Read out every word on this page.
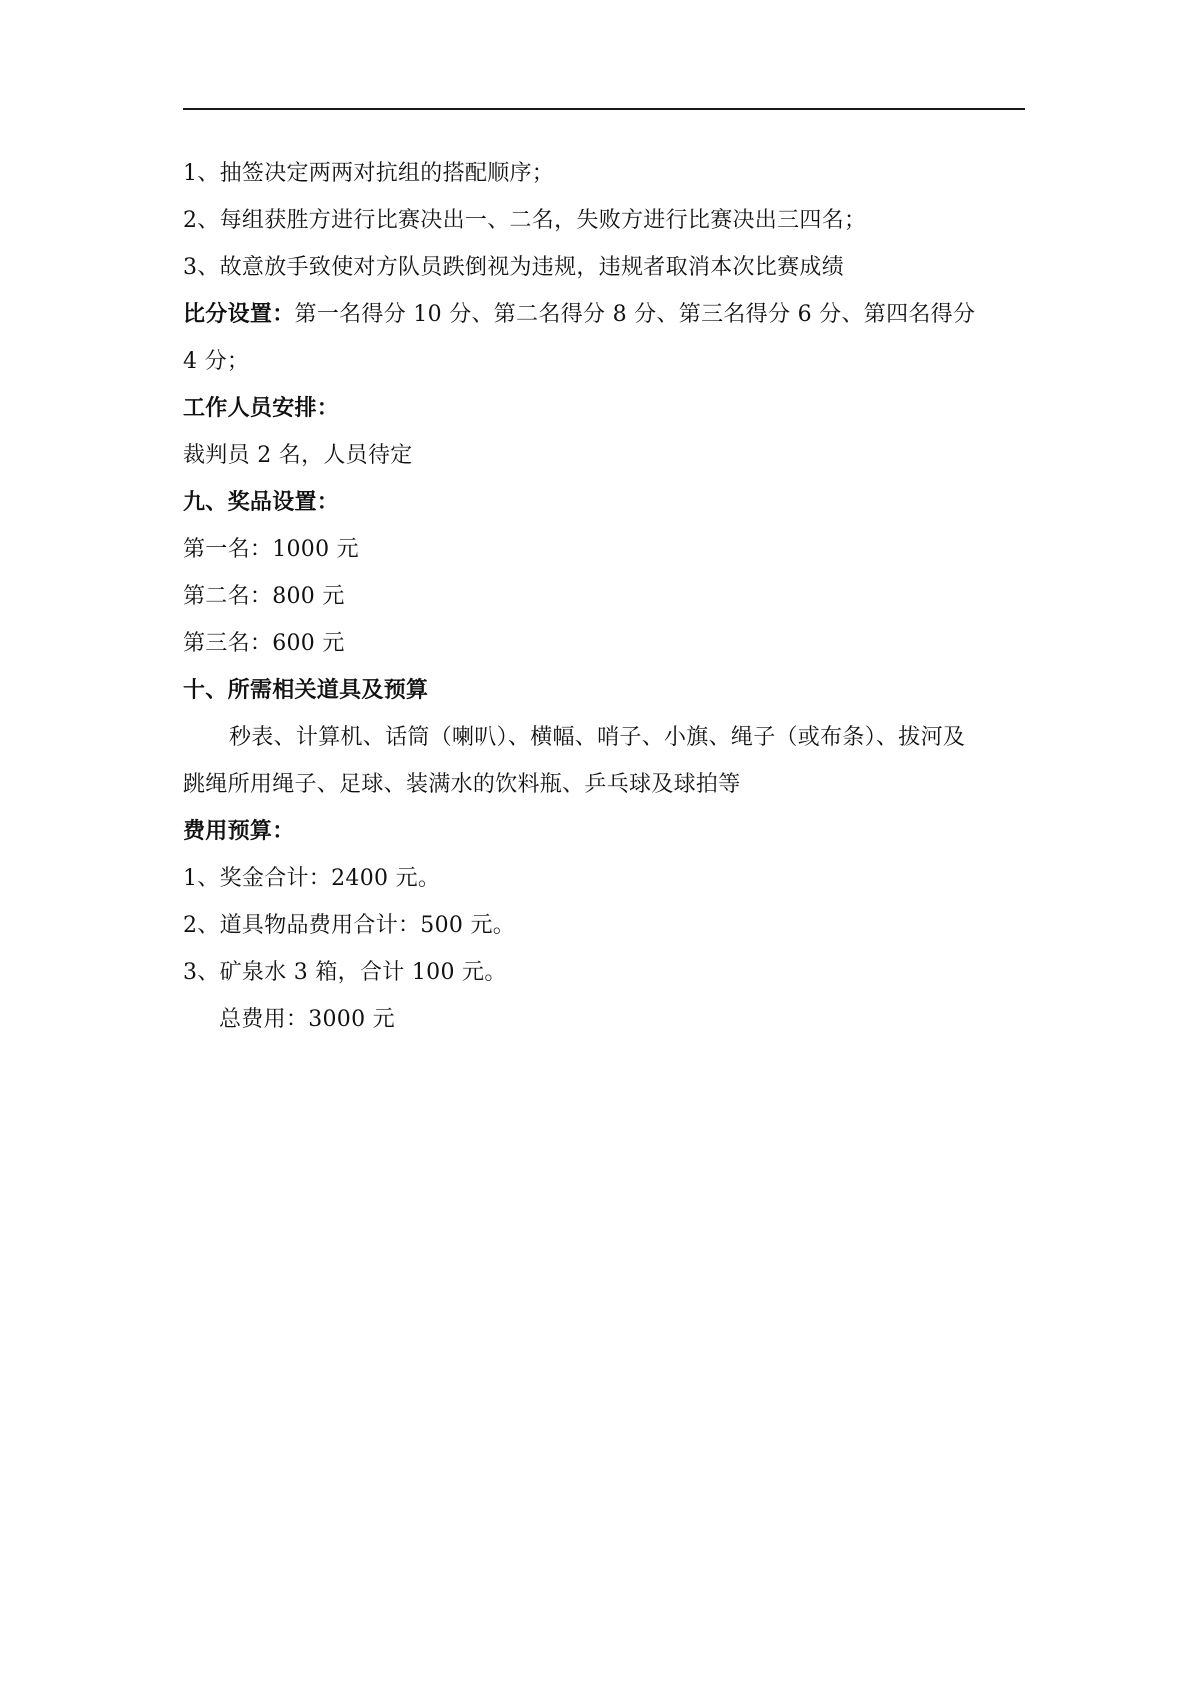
1、抽签决定两两对抗组的搭配顺序；
2、每组获胜方进行比赛决出一、二名，失败方进行比赛决出三四名；
3、故意放手致使对方队员跌倒视为违规，违规者取消本次比赛成绩
比分设置：第一名得分 10 分、第二名得分 8 分、第三名得分 6 分、第四名得分
4 分；
工作人员安排：
裁判员 2 名，人员待定
九、奖品设置：
第一名：1000 元
第二名：800 元
第三名：600 元
十、所需相关道具及预算
秒表、计算机、话筒（喇叭）、横幅、哨子、小旗、绳子（或布条）、拔河及
跳绳所用绳子、足球、装满水的饮料瓶、乒乓球及球拍等
费用预算：
1、奖金合计：2400 元。
2、道具物品费用合计：500 元。
3、矿泉水 3 箱，合计 100 元。
总费用：3000 元
